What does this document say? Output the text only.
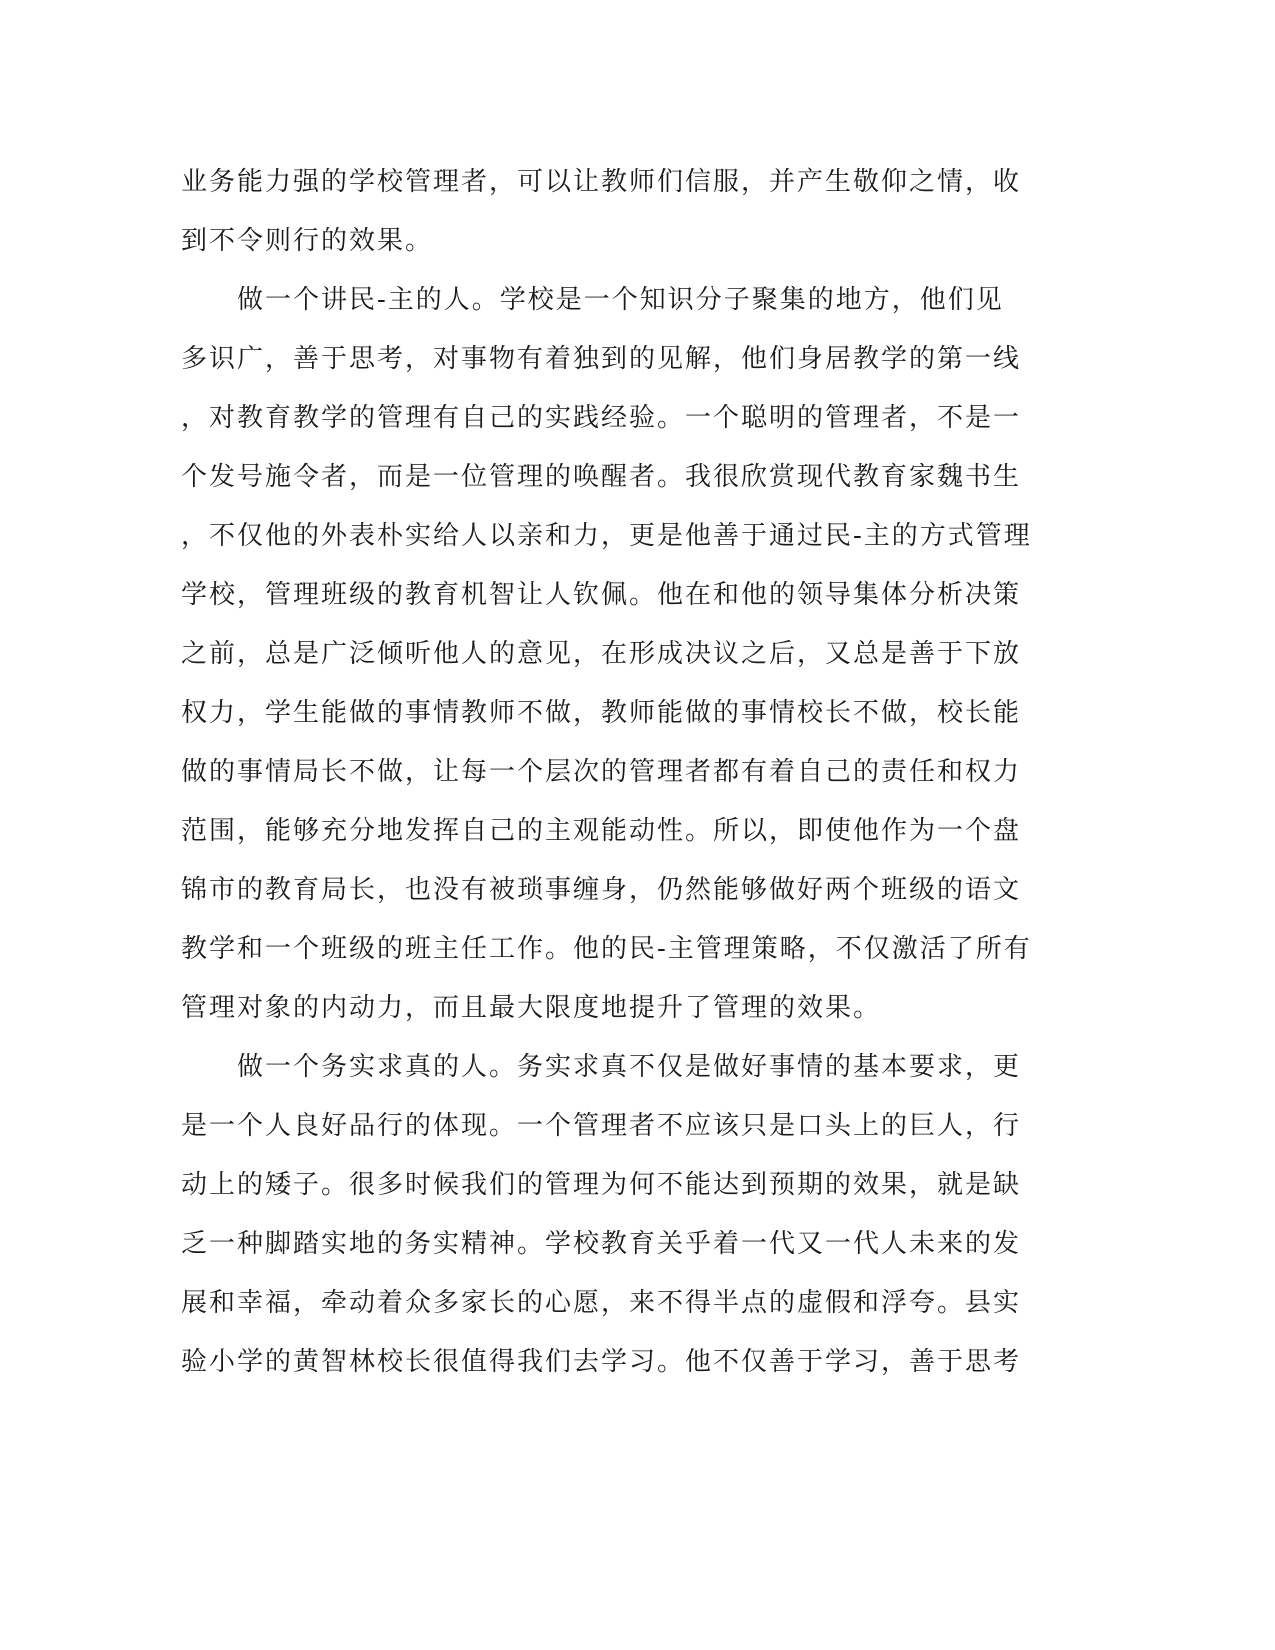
业务能力强的学校管理者，可以让教师们信服，并产生敬仰之情，收
到不令则行的效果。
　　做一个讲民-主的人。学校是一个知识分子聚集的地方，他们见
多识广，善于思考，对事物有着独到的见解，他们身居教学的第一线
，对教育教学的管理有自己的实践经验。一个聪明的管理者，不是一
个发号施令者，而是一位管理的唤醒者。我很欣赏现代教育家魏书生
，不仅他的外表朴实给人以亲和力，更是他善于通过民-主的方式管理
学校，管理班级的教育机智让人钦佩。他在和他的领导集体分析决策
之前，总是广泛倾听他人的意见，在形成决议之后，又总是善于下放
权力，学生能做的事情教师不做，教师能做的事情校长不做，校长能
做的事情局长不做，让每一个层次的管理者都有着自己的责任和权力
范围，能够充分地发挥自己的主观能动性。所以，即使他作为一个盘
锦市的教育局长，也没有被琐事缠身，仍然能够做好两个班级的语文
教学和一个班级的班主任工作。他的民-主管理策略，不仅激活了所有
管理对象的内动力，而且最大限度地提升了管理的效果。
　　做一个务实求真的人。务实求真不仅是做好事情的基本要求，更
是一个人良好品行的体现。一个管理者不应该只是口头上的巨人，行
动上的矮子。很多时候我们的管理为何不能达到预期的效果，就是缺
乏一种脚踏实地的务实精神。学校教育关乎着一代又一代人未来的发
展和幸福，牵动着众多家长的心愿，来不得半点的虚假和浮夸。县实
验小学的黄智林校长很值得我们去学习。他不仅善于学习，善于思考
